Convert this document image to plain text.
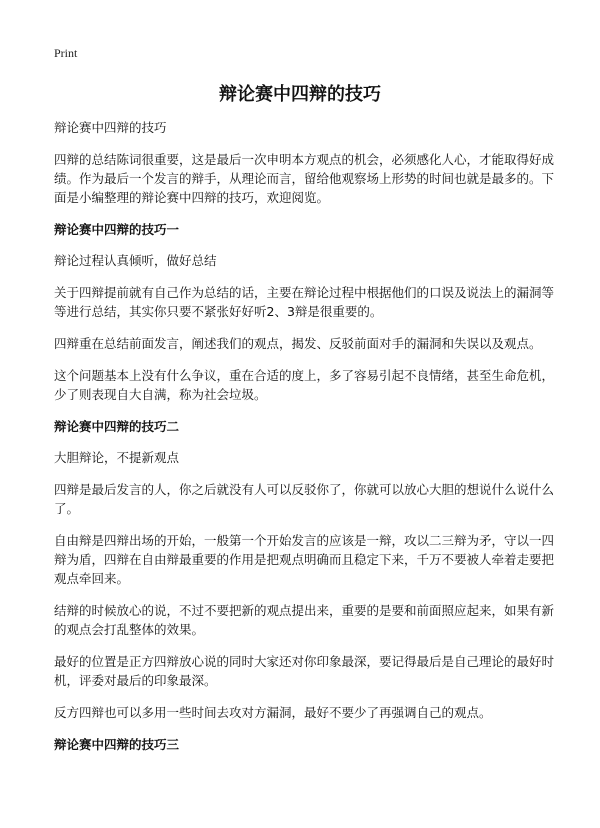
Print
辩论赛中四辩的技巧

辩论赛中四辩的技巧

四辩的总结陈词很重要，这是最后一次申明本方观点的机会，必须感化人心，才能取得好成绩。作为最后一个发言的辩手，从理论而言，留给他观察场上形势的时间也就是最多的。下面是小编整理的辩论赛中四辩的技巧，欢迎阅览。

辩论赛中四辩的技巧一

辩论过程认真倾听，做好总结

关于四辩提前就有自己作为总结的话，主要在辩论过程中根据他们的口误及说法上的漏洞等等进行总结，其实你只要不紧张好好听2、3辩是很重要的。

四辩重在总结前面发言，阐述我们的观点，揭发、反驳前面对手的漏洞和失误以及观点。

这个问题基本上没有什么争议，重在合适的度上，多了容易引起不良情绪，甚至生命危机，少了则表现自大自满，称为社会垃圾。

辩论赛中四辩的技巧二

大胆辩论，不提新观点

四辩是最后发言的人，你之后就没有人可以反驳你了，你就可以放心大胆的想说什么说什么了。

自由辩是四辩出场的开始，一般第一个开始发言的应该是一辩，攻以二三辩为矛，守以一四辩为盾，四辩在自由辩最重要的作用是把观点明确而且稳定下来，千万不要被人牵着走要把观点牵回来。

结辩的时候放心的说，不过不要把新的观点提出来，重要的是要和前面照应起来，如果有新的观点会打乱整体的效果。

最好的位置是正方四辩放心说的同时大家还对你印象最深，要记得最后是自己理论的最好时机，评委对最后的印象最深。

反方四辩也可以多用一些时间去攻对方漏洞，最好不要少了再强调自己的观点。

辩论赛中四辩的技巧三
